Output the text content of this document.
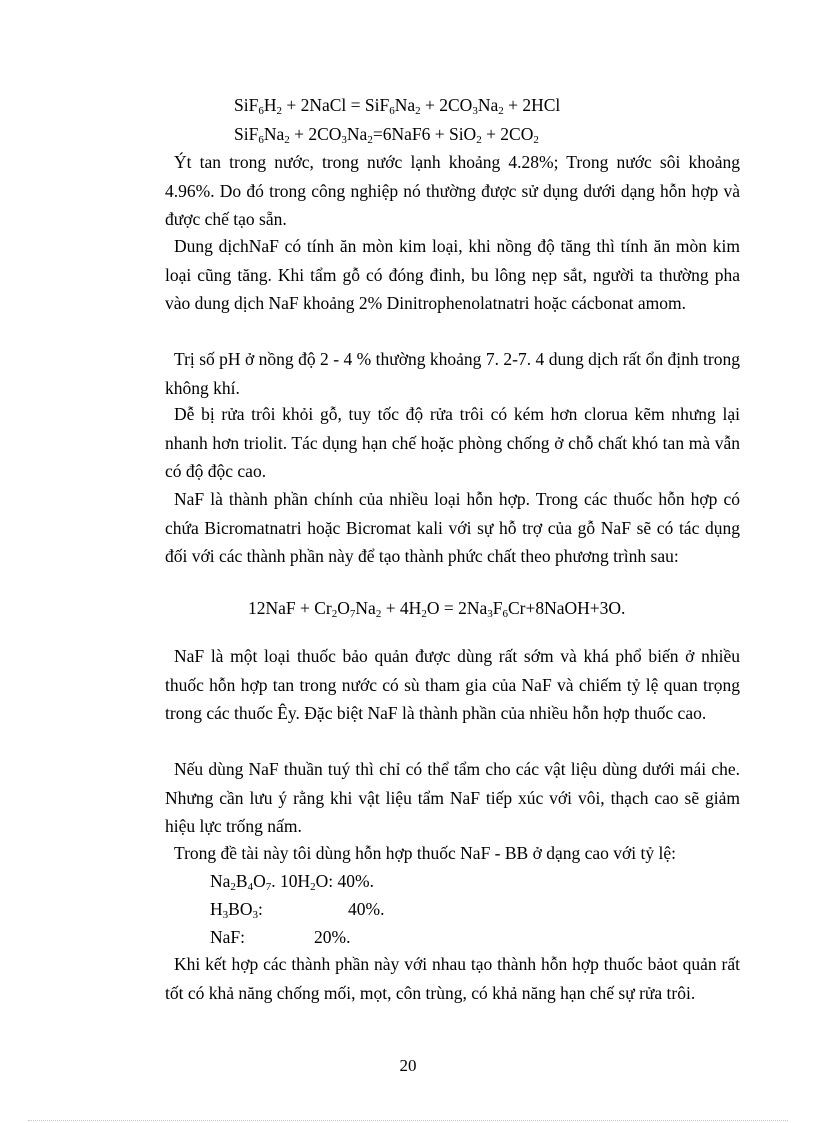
$SiF_6H_2$ + 2NaCl = $SiF_6Na_2 + 2CO_3Na_2 + 2HCl$
$SiF_6Na_2 + 2CO_3Na_2=6NaF6 + SiO_2 + 2CO_2$

Ýt tan trong nước, trong nước lạnh khoảng 4.28%; Trong nước sôi khoảng 4.96%. Do đó trong công nghiệp nó thường được sử dụng dưới dạng hỗn hợp và được chế tạo sẵn.

Dung dịchNaF có tính ăn mòn kim loại, khi nồng độ tăng thì tính ăn mòn kim loại cũng tăng. Khi tẩm gỗ có đóng đinh, bu lông nẹp sắt, người ta thường pha vào dung dịch NaF khoảng 2% Dinitrophenolatnatri hoặc cácbonat amom.

Trị số pH ở nồng độ 2 - 4 % thường khoảng 7. 2-7. 4 dung dịch rất ổn định trong không khí.

Dễ bị rửa trôi khỏi gỗ, tuy tốc độ rửa trôi có kém hơn clorua kẽm nhưng lại nhanh hơn triolit. Tác dụng hạn chế hoặc phòng chống ở chỗ chất khó tan mà vẫn có độ độc cao.

NaF là thành phần chính của nhiều loại hỗn hợp. Trong các thuốc hỗn hợp có chứa Bicromatnatri hoặc Bicromat kali với sự hỗ trợ của gỗ NaF sẽ có tác dụng đối với các thành phần này để tạo thành phức chất theo phương trình sau:

$12NaF + Cr_2O_7Na_2 + 4H_2O$ = $2Na_3F_6Cr+8NaOH+3O$.

NaF là một loại thuốc bảo quản được dùng rất sớm và khá phổ biến ở nhiều thuốc hỗn hợp tan trong nước có sù tham gia của NaF và chiếm tỷ lệ quan trọng trong các thuốc Êy. Đặc biệt NaF là thành phần của nhiều hỗn hợp thuốc cao.

Nếu dùng NaF thuần tuý thì chỉ có thể tẩm cho các vật liệu dùng dưới mái che. Nhưng cần lưu ý rằng khi vật liệu tẩm NaF tiếp xúc với vôi, thạch cao sẽ giảm hiệu lực trống nấm.

Trong đề tài này tôi dùng hỗn hợp thuốc NaF - BB ở dạng cao với tỷ lệ:

$Na_2B_4O_7$. $10H_2O$: 40%.
$H_3BO_3$:	40%.
NaF:	20%.

Khi kết hợp các thành phần này với nhau tạo thành hỗn hợp thuốc bảot quản rất tốt có khả năng chống mối, mọt, côn trùng, có khả năng hạn chế sự rửa trôi.

20
